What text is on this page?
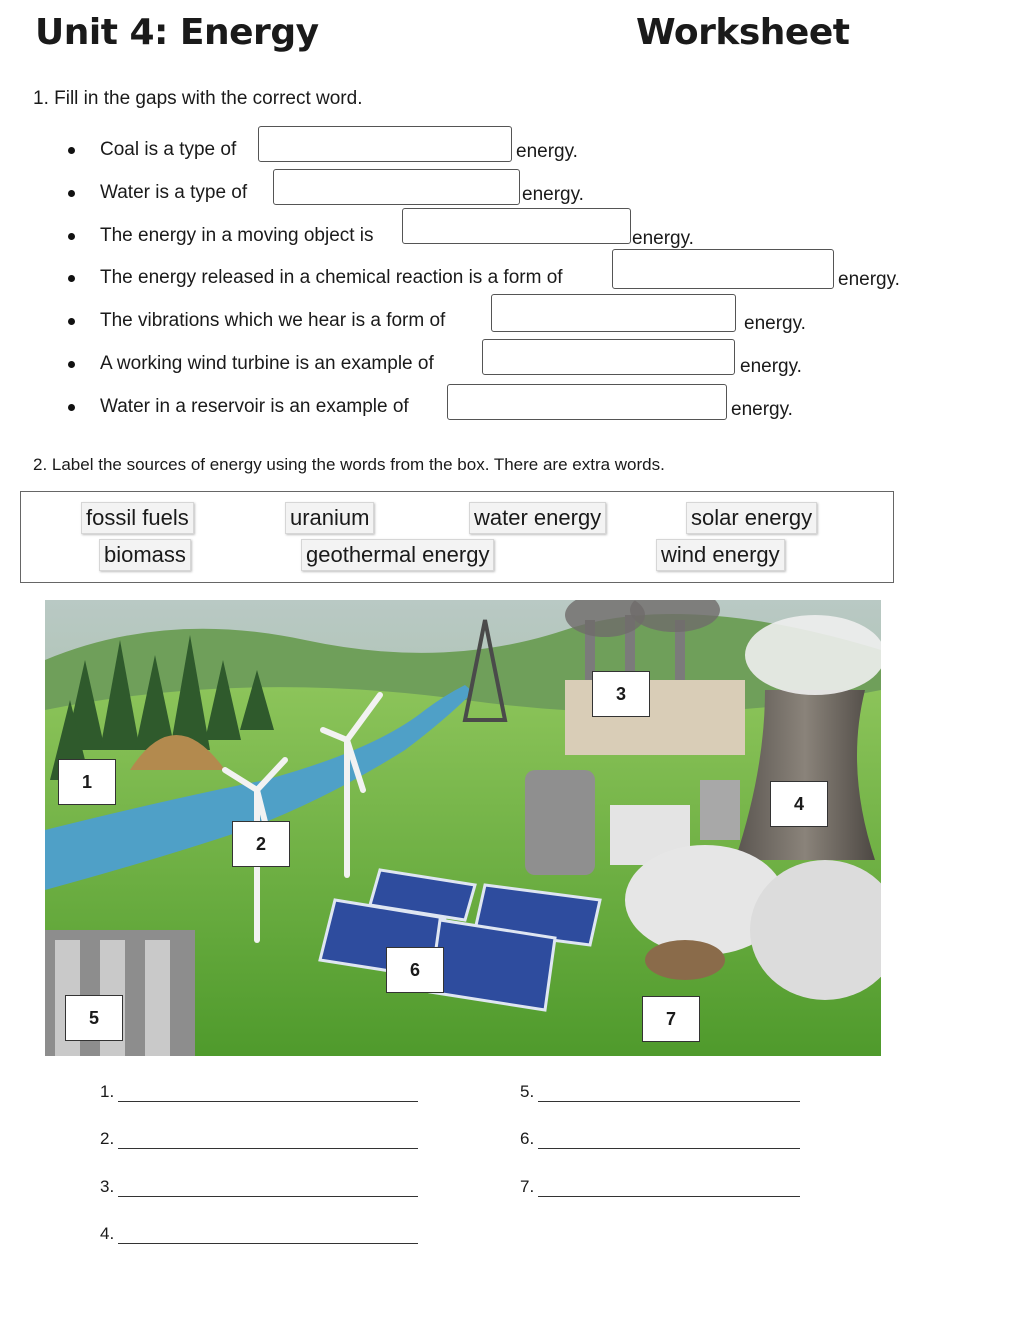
Unit 4: Energy	Worksheet
1. Fill in the gaps with the correct word.
Coal is a type of	energy.
Water is a type of	energy.
The energy in a moving object is	energy.
The energy released in a chemical reaction is a form of	energy.
The vibrations which we hear is a form of	energy.
A working wind turbine is an example of	energy.
Water in a reservoir is an example of	energy.
2. Label the sources of energy using the words from the box. There are extra words.
fossil fuels	uranium	water energy	solar energy
biomass	geothermal energy	wind energy
1
2
3
4
5
6
7
1.
2.
3.
4.
5.
6.
7.
